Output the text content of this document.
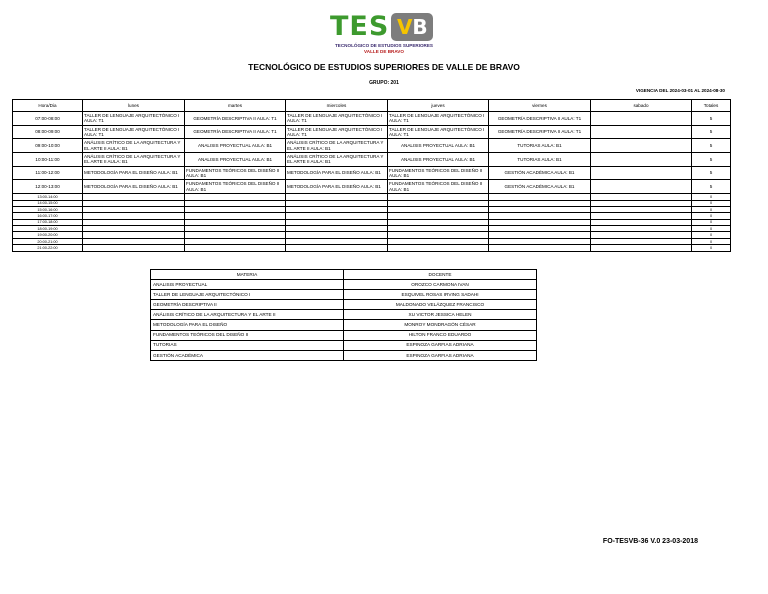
TES V B
TECNOLÓGICO DE ESTUDIOS SUPERIORES
VALLE DE BRAVO
TECNOLÓGICO DE ESTUDIOS SUPERIORES DE VALLE DE BRAVO
GRUPO: 201
VIGENCIA DEL 2024-03-01 AL 2024-08-30
Hora/Dia	lunes	martes	miercoles	jueves	viernes	sabado	Totales
07:00-08:00	TALLER DE LENGUAJE ARQUITECTÓNICO I AULA: T1	GEOMETRÍA DESCRIPTIVA II AULA: T1	TALLER DE LENGUAJE ARQUITECTÓNICO I AULA: T1	TALLER DE LENGUAJE ARQUITECTÓNICO I AULA: T1	GEOMETRÍA DESCRIPTIVA II AULA: T1		5
08:00-09:00	TALLER DE LENGUAJE ARQUITECTÓNICO I AULA: T1	GEOMETRÍA DESCRIPTIVA II AULA: T1	TALLER DE LENGUAJE ARQUITECTÓNICO I AULA: T1	TALLER DE LENGUAJE ARQUITECTÓNICO I AULA: T1	GEOMETRÍA DESCRIPTIVA II AULA: T1		5
09:00-10:00	ANÁLISIS CRÍTICO DE LA ARQUITECTURA Y EL ARTE II AULA: B1	ANALISIS PROYECTUAL AULA: B1	ANÁLISIS CRÍTICO DE LA ARQUITECTURA Y EL ARTE II AULA: B1	ANALISIS PROYECTUAL AULA: B1	TUTORIAS AULA: B1		5
10:00-11:00	ANÁLISIS CRÍTICO DE LA ARQUITECTURA Y EL ARTE II AULA: B1	ANALISIS PROYECTUAL AULA: B1	ANÁLISIS CRÍTICO DE LA ARQUITECTURA Y EL ARTE II AULA: B1	ANALISIS PROYECTUAL AULA: B1	TUTORIAS AULA: B1		5
11:00-12:00	METODOLOGÍA PARA EL DISEÑO AULA: B1	FUNDAMENTOS TEÓRICOS DEL DISEÑO II AULA: B1	METODOLOGÍA PARA EL DISEÑO AULA: B1	FUNDAMENTOS TEÓRICOS DEL DISEÑO II AULA: B1	GESTIÓN ACADÉMICA AULA: B1		5
12:00-13:00	METODOLOGÍA PARA EL DISEÑO AULA: B1	FUNDAMENTOS TEÓRICOS DEL DISEÑO II AULA: B1	METODOLOGÍA PARA EL DISEÑO AULA: B1	FUNDAMENTOS TEÓRICOS DEL DISEÑO II AULA: B1	GESTIÓN ACADÉMICA AULA: B1		5
13:00-14:00							0
14:00-15:00							0
15:00-16:00							0
16:00-17:00							0
17:00-18:00							0
18:00-19:00							0
19:00-20:00							0
20:00-21:00							0
21:00-22:00							0
MATERIA	DOCENTE
ANALISIS PROYECTUAL	OROZCO CARMONA IVAN
TALLER DE LENGUAJE ARQUITECTÓNICO I	ESQUIVEL ROSAS IRVING SADAHI
GEOMETRÍA DESCRIPTIVA II	MALDONADO VELÁZQUEZ FRANCISCO
ANÁLISIS CRÍTICO DE LA ARQUITECTURA Y EL ARTE II	XU VICTOR JESSICA HELEN
METODOLOGÍA PARA EL DISEÑO	MONROY MONDRAGÓN CÉSAR
FUNDAMENTOS TEÓRICOS DEL DISEÑO II	HILTON FRANCO EDUARDO
TUTORIAS	ESPINOZA GARFIAS ADRIANA
GESTIÓN ACADÉMICA	ESPINOZA GARFIAS ADRIANA
FO-TESVB-36 V.0 23-03-2018
